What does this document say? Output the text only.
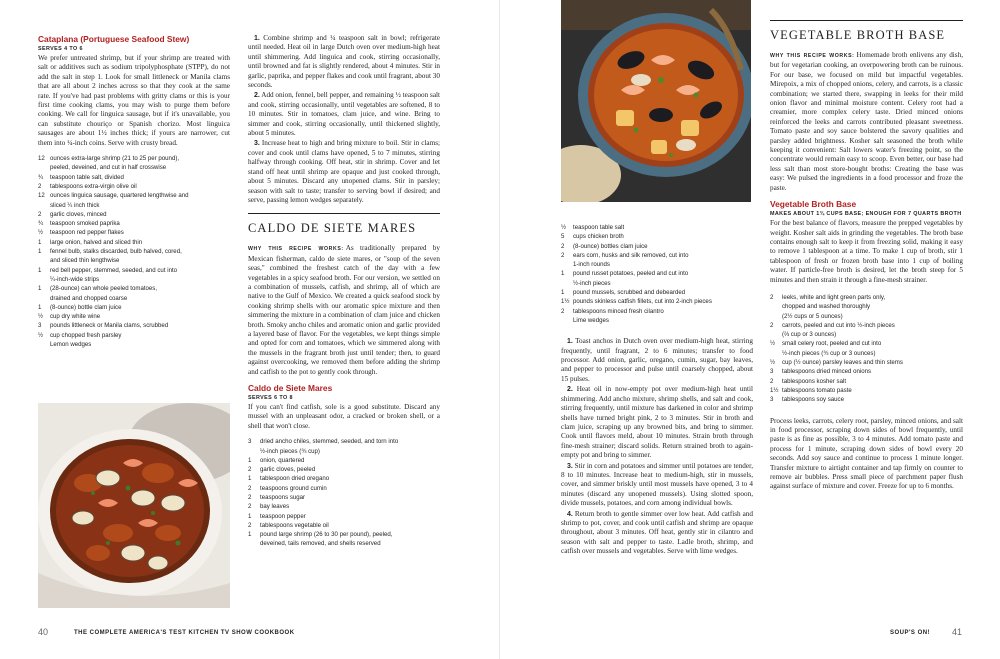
Cataplana (Portuguese Seafood Stew)
SERVES 4 TO 6

We prefer untreated shrimp, but if your shrimp are treated with salt or additives such as sodium tripolyphosphate (STPP), do not add the salt in step 1. Look for small littleneck or Manila clams that are all about 2 inches across so that they cook at the same rate. If you've had past problems with gritty clams or this is your first time cooking clams, you may wish to purge them before cooking. We call for linguica sausage, but if it's unavailable, you can substitute chouriço or Spanish chorizo. Most linguica sausages are about 1½ inches thick; if yours are narrower, cut them into ¼-inch coins. Serve with crusty bread.

12 ounces extra-large shrimp (21 to 25 per pound),
peeled, deveined, and cut in half crosswise
¾	teaspoon table salt, divided
2	tablespoons extra-virgin olive oil
12 ounces linguica sausage, quartered lengthwise and
sliced ¼ inch thick
2	garlic cloves, minced
¾	teaspoon smoked paprika
½	teaspoon red pepper flakes
1	large onion, halved and sliced thin
1	fennel bulb, stalks discarded, bulb halved, cored,
and sliced thin lengthwise
1	red bell pepper, stemmed, seeded, and cut into
¼-inch-wide strips
1	(28-ounce) can whole peeled tomatoes,
drained and chopped coarse
1	(8-ounce) bottle clam juice
½	cup dry white wine
3	pounds littleneck or Manila clams, scrubbed
½	cup chopped fresh parsley
Lemon wedges

1. Combine shrimp and ¼ teaspoon salt in bowl; refrigerate until needed. Heat oil in large Dutch oven over medium-high heat until shimmering. Add linguica and cook, stirring occasionally, until browned and fat is slightly rendered, about 4 minutes. Stir in garlic, paprika, and pepper flakes and cook until fragrant, about 30 seconds.

2. Add onion, fennel, bell pepper, and remaining ½ teaspoon salt and cook, stirring occasionally, until vegetables are softened, 8 to 10 minutes. Stir in tomatoes, clam juice, and wine. Bring to simmer and cook, stirring occasionally, until thickened slightly, about 5 minutes.

3. Increase heat to high and bring mixture to boil. Stir in clams; cover and cook until clams have opened, 5 to 7 minutes, stirring halfway through cooking. Off heat, stir in shrimp. Cover and let stand off heat until shrimp are opaque and just cooked through, about 5 minutes. Discard any unopened clams. Stir in parsley; season with salt to taste; transfer to serving bowl if desired; and serve, passing lemon wedges separately.

CALDO DE SIETE MARES

WHY THIS RECIPE WORKS: As traditionally prepared by Mexican fisherman, caldo de siete mares, or "soup of the seven seas," combined the freshest catch of the day with a few vegetables in a spicy seafood broth. For our version, we settled on a combination of mussels, catfish, and shrimp, all of which are native to the Gulf of Mexico. We created a quick seafood stock by cooking shrimp shells with our aromatic spice mixture and then simmering the mixture in a combination of clam juice and chicken broth. Smoky ancho chiles and aromatic onion and garlic provided a layered base of flavor. For the vegetables, we kept things simple and opted for corn and tomatoes, which we simmered along with the mussels in the fragrant broth just until tender; then, to guard against overcooking, we removed them before adding the shrimp and catfish to the pot to gently cook through.

Caldo de Siete Mares
SERVES 6 TO 8

If you can't find catfish, sole is a good substitute. Discard any mussel with an unpleasant odor, a cracked or broken shell, or a shell that won't close.

3	dried ancho chiles, stemmed, seeded, and torn into
½-inch pieces (¾ cup)
1	onion, quartered
2	garlic cloves, peeled
1	tablespoon dried oregano
2	teaspoons ground cumin
2	teaspoons sugar
2	bay leaves
1	teaspoon pepper
2	tablespoons vegetable oil
1	pound large shrimp (26 to 30 per pound), peeled,
deveined, tails removed, and shells reserved
40	THE COMPLETE AMERICA'S TEST KITCHEN TV SHOW COOKBOOK
½	teaspoon table salt
5	cups chicken broth
2	(8-ounce) bottles clam juice
2	ears corn, husks and silk removed, cut into
1-inch rounds
1	pound russet potatoes, peeled and cut into
½-inch pieces
1	pound mussels, scrubbed and debearded
1½ pounds skinless catfish fillets, cut into 2-inch pieces
2	tablespoons minced fresh cilantro
Lime wedges

1. Toast anchos in Dutch oven over medium-high heat, stirring frequently, until fragrant, 2 to 6 minutes; transfer to food processor. Add onion, garlic, oregano, cumin, sugar, bay leaves, and pepper to processor and pulse until coarsely chopped, about 15 pulses.

2. Heat oil in now-empty pot over medium-high heat until shimmering. Add ancho mixture, shrimp shells, and salt and cook, stirring frequently, until mixture has darkened in color and shrimp shells have turned bright pink, 2 to 3 minutes. Stir in broth and clam juice, scraping up any browned bits, and bring to simmer. Cook until flavors meld, about 10 minutes. Strain broth through fine-mesh strainer; discard solids. Return strained broth to again-empty pot and bring to simmer.

3. Stir in corn and potatoes and simmer until potatoes are tender, 8 to 10 minutes. Increase heat to medium-high, stir in mussels, cover, and simmer briskly until most mussels have opened, 3 to 4 minutes (discard any unopened mussels). Using slotted spoon, divide mussels, potatoes, and corn among individual bowls.

4. Return broth to gentle simmer over low heat. Add catfish and shrimp to pot, cover, and cook until catfish and shrimp are opaque throughout, about 3 minutes. Off heat, gently stir in cilantro and season with salt and pepper to taste. Ladle broth, shrimp, and catfish over mussels and vegetables. Serve with lime wedges.

VEGETABLE BROTH BASE

WHY THIS RECIPE WORKS: Homemade broth enlivens any dish, but for vegetarian cooking, an overpowering broth can be ruinous. For our base, we focused on mild but impactful vegetables. Mirepoix, a mix of chopped onions, celery, and carrots, is a classic combination; we started there, swapping in leeks for their mild onion flavor and minimal moisture content. Celery root had a creamier, more complex celery taste. Dried minced onions reinforced the leeks and carrots contributed pleasant sweetness. Tomato paste and soy sauce bolstered the savory qualities and parsley added brightness. Kosher salt seasoned the broth while keeping it convenient: Salt lowers water's freezing point, so the concentrate would remain easy to scoop. Even better, our base had less salt than most store-bought broths: Creating the base was easy: We pulsed the ingredients in a food processor and froze the paste.

Vegetable Broth Base
MAKES ABOUT 1¾ CUPS BASE; ENOUGH FOR 7 QUARTS BROTH

For the best balance of flavors, measure the prepped vegetables by weight. Kosher salt aids in grinding the vegetables. The broth base contains enough salt to keep it from freezing solid, making it easy to remove 1 tablespoon at a time. To make 1 cup of broth, stir 1 tablespoon of fresh or frozen broth base into 1 cup of boiling water. If particle-free broth is desired, let the broth steep for 5 minutes and then strain it through a fine-mesh strainer.

2	leeks, white and light green parts only,
chopped and washed thoroughly
(2½ cups or 5 ounces)
2	carrots, peeled and cut into ½-inch pieces
(⅔ cup or 3 ounces)
½	small celery root, peeled and cut into
½-inch pieces (¾ cup or 3 ounces)
½	cup (½ ounce) parsley leaves and thin stems
3	tablespoons dried minced onions
2	tablespoons kosher salt
1½ tablespoons tomato paste
3	tablespoons soy sauce

Process leeks, carrots, celery root, parsley, minced onions, and salt in food processor, scraping down sides of bowl frequently, until paste is as fine as possible, 3 to 4 minutes. Add tomato paste and process for 1 minute, scraping down sides of bowl every 20 seconds. Add soy sauce and continue to process 1 minute longer. Transfer mixture to airtight container and tap firmly on counter to remove air bubbles. Press small piece of parchment paper flush against surface of mixture and cover. Freeze for up to 6 months.

SOUP'S ON! 41
